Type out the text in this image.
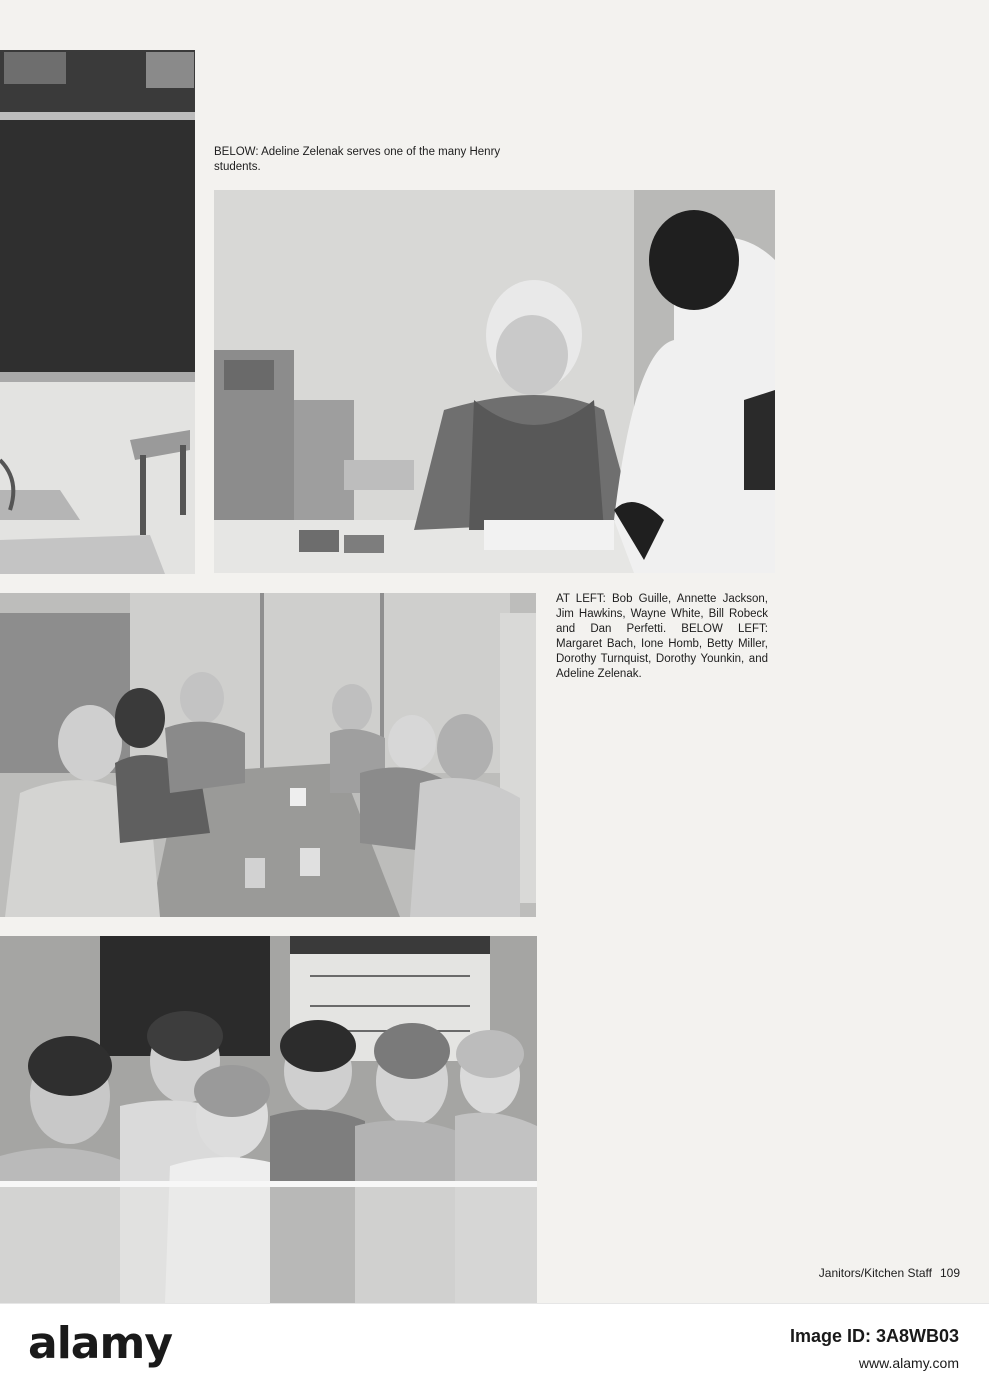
BELOW: Adeline Zelenak serves one of the many Henry students.

AT LEFT: Bob Guille, Annette Jackson, Jim Hawkins, Wayne White, Bill Robeck and Dan Perfetti. BELOW LEFT: Margaret Bach, Ione Homb, Betty Miller, Dorothy Turnquist, Dorothy Younkin, and Adeline Zelenak.

Janitors/Kitchen Staff 109
alamy	Image ID: 3A8WB03
www.alamy.com
